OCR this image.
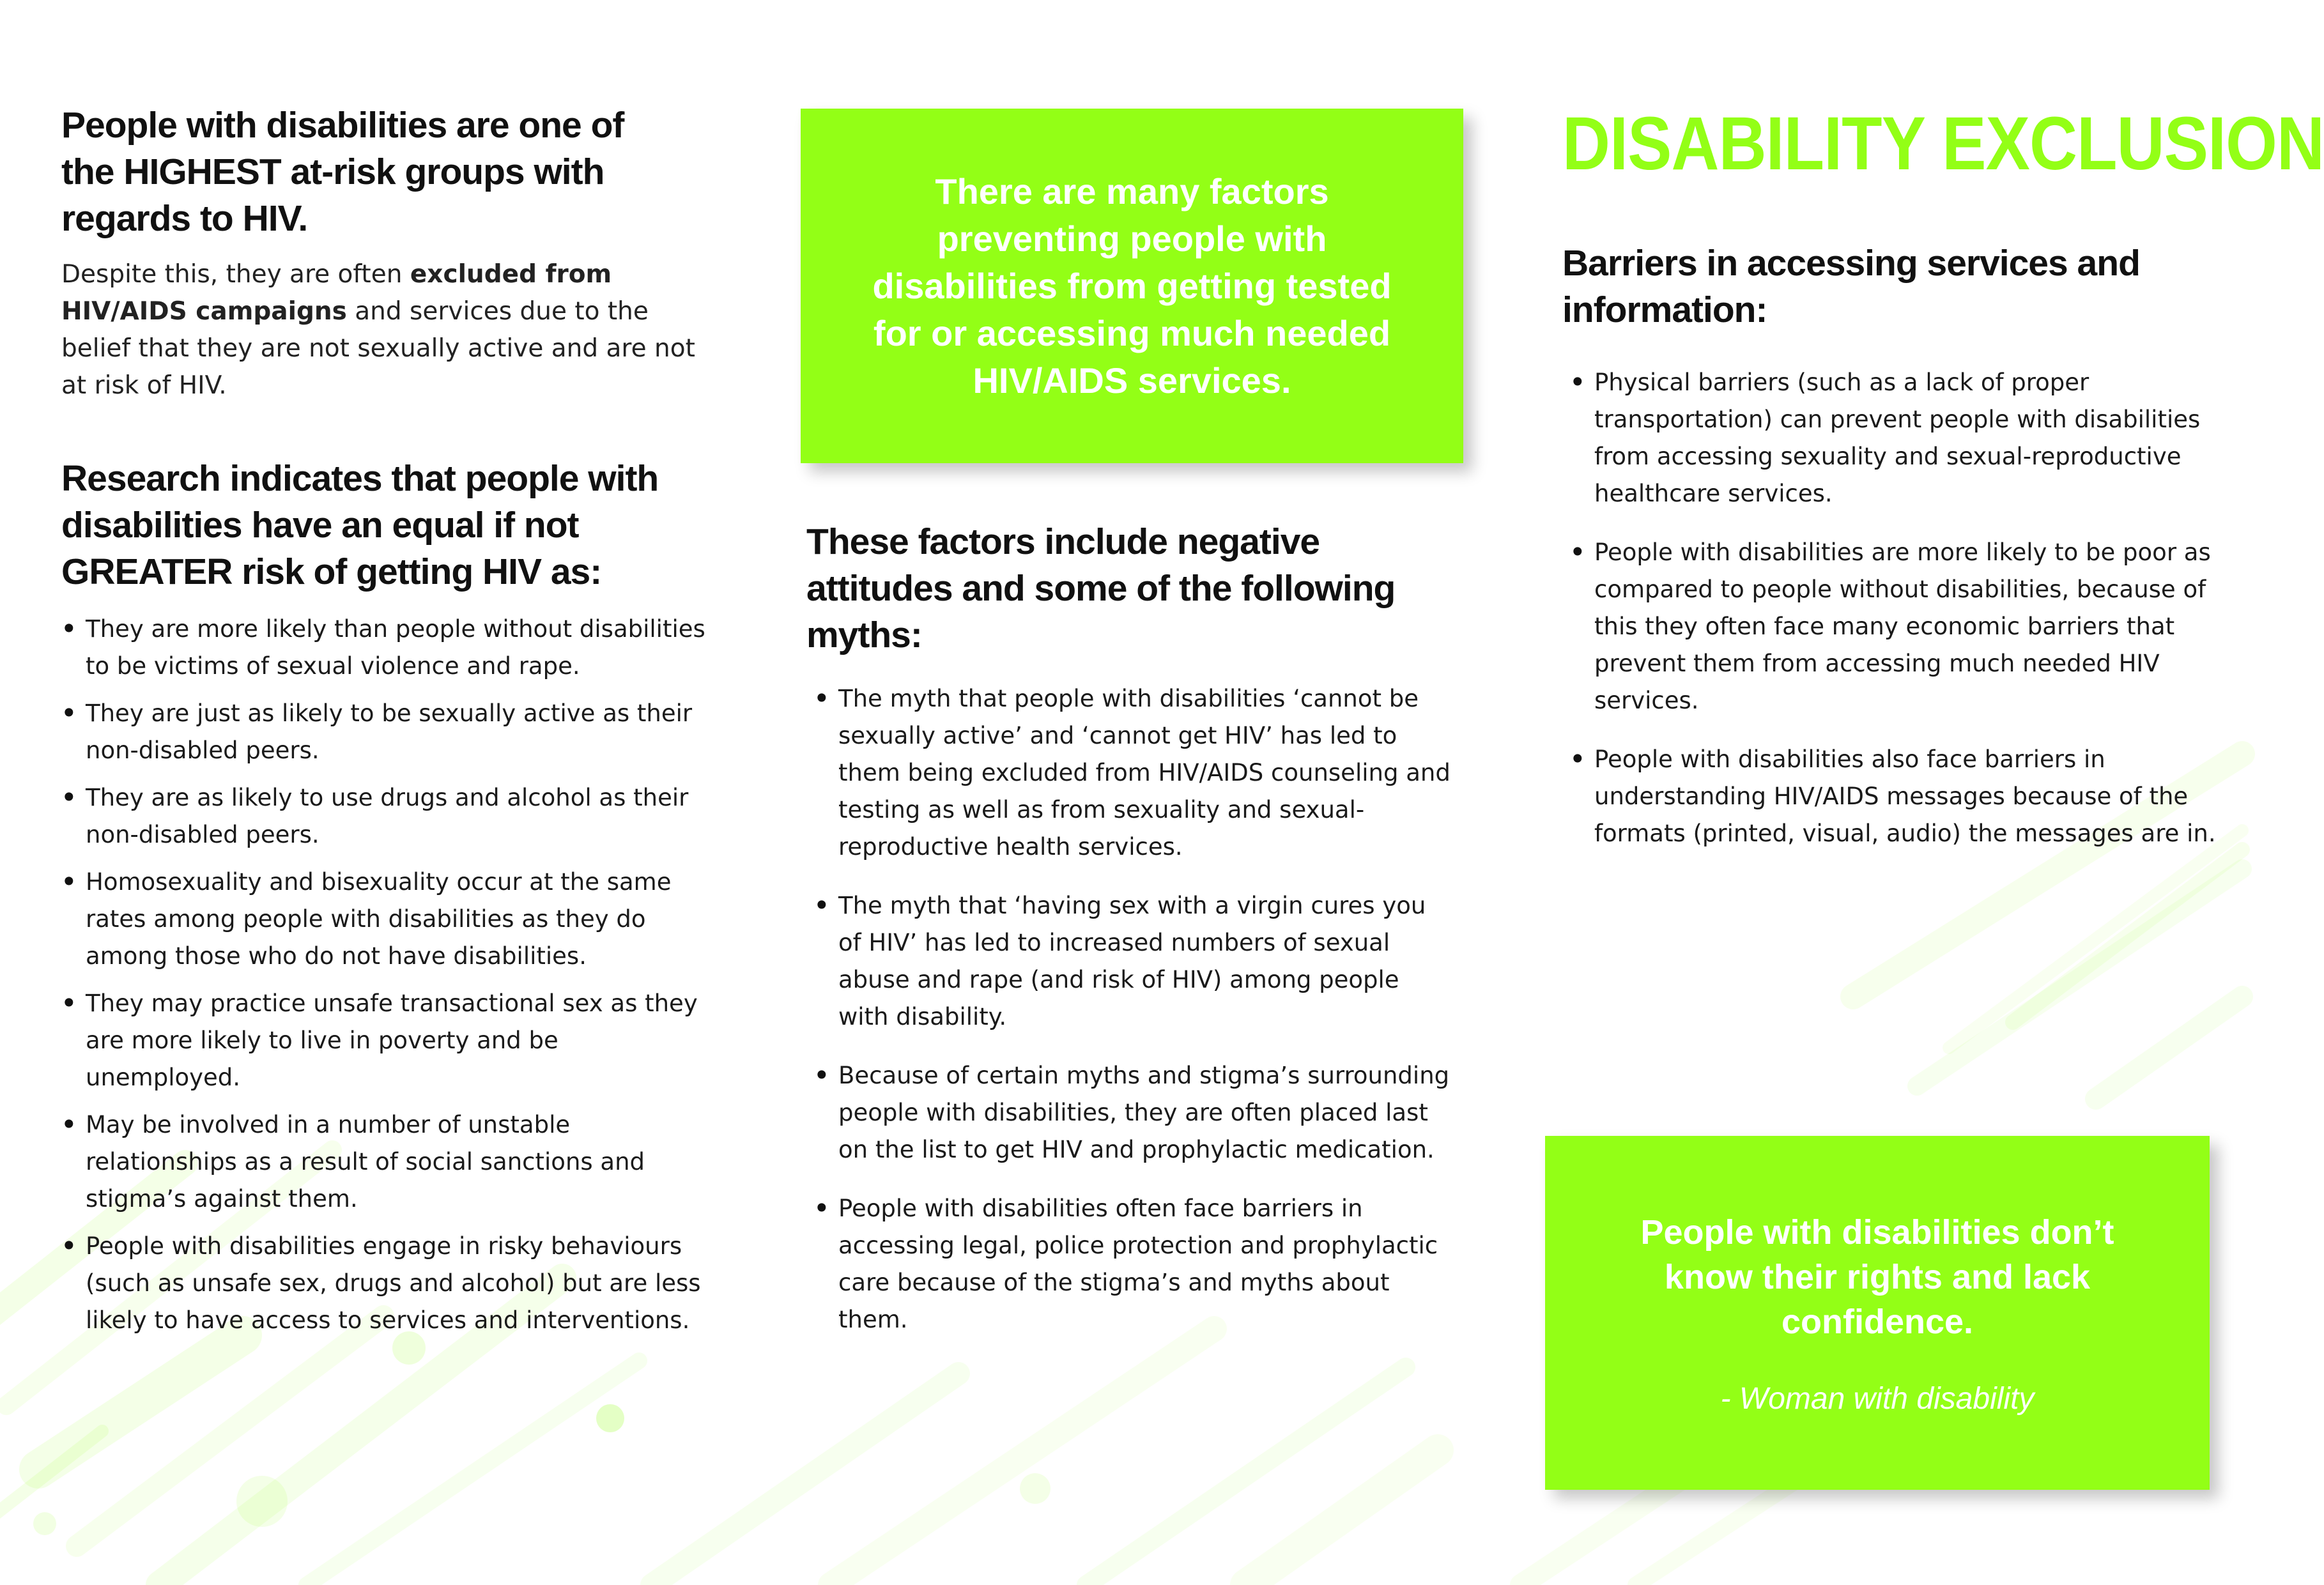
People with disabilities are one of the HIGHEST at-risk groups with regards to HIV.

Despite this, they are often excluded from HIV/AIDS campaigns and services due to the belief that they are not sexually active and are not at risk of HIV.

Research indicates that people with disabilities have an equal if not GREATER risk of getting HIV as:
• They are more likely than people without disabilities to be victims of sexual violence and rape.
• They are just as likely to be sexually active as their non-disabled peers.
• They are as likely to use drugs and alcohol as their non-disabled peers.
• Homosexuality and bisexuality occur at the same rates among people with disabilities as they do among those who do not have disabilities.
• They may practice unsafe transactional sex as they are more likely to live in poverty and be unemployed.
• May be involved in a number of unstable relationships as a result of social sanctions and stigma’s against them.
• People with disabilities engage in risky behaviours (such as unsafe sex, drugs and alcohol) but are less likely to have access to services and interventions.

There are many factors preventing people with disabilities from getting tested for or accessing much needed HIV/AIDS services.

These factors include negative attitudes and some of the following myths:
• The myth that people with disabilities ‘cannot be sexually active’ and ‘cannot get HIV’ has led to them being excluded from HIV/AIDS counseling and testing as well as from sexuality and sexual-reproductive health services.
• The myth that ‘having sex with a virgin cures you of HIV’ has led to increased numbers of sexual abuse and rape (and risk of HIV) among people with disability.
• Because of certain myths and stigma’s surrounding people with disabilities, they are often placed last on the list to get HIV and prophylactic medication.
• People with disabilities often face barriers in accessing legal, police protection and prophylactic care because of the stigma’s and myths about them.
DISABILITY EXCLUSION
Barriers in accessing services and information:
• Physical barriers (such as a lack of proper transportation) can prevent people with disabilities from accessing sexuality and sexual-reproductive healthcare services.
• People with disabilities are more likely to be poor as compared to people without disabilities, because of this they often face many economic barriers that prevent them from accessing much needed HIV services.
• People with disabilities also face barriers in understanding HIV/AIDS messages because of the formats (printed, visual, audio) the messages are in.

People with disabilities don’t know their rights and lack confidence.

- Woman with disability
